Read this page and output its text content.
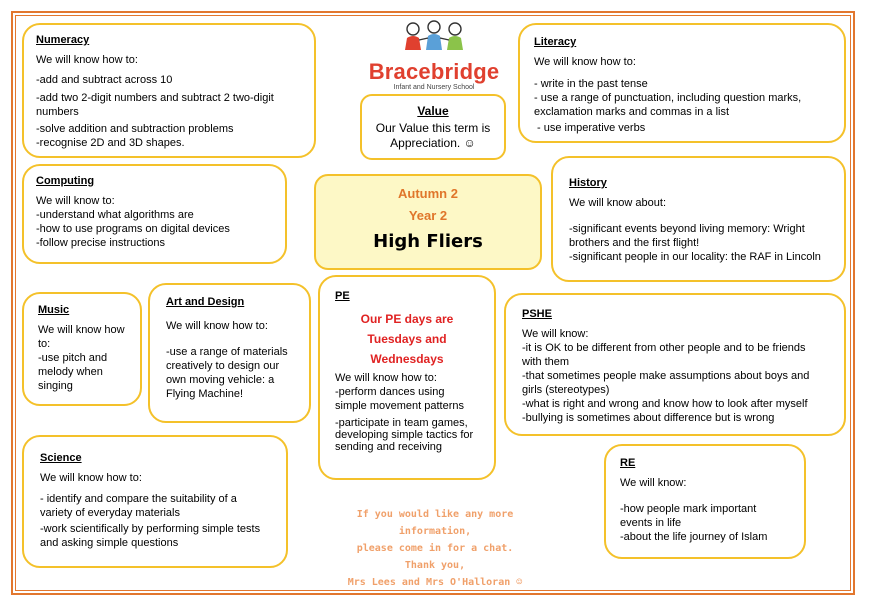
Bracebridge
Infant and Nursery School
Value

Our Value this term is Appreciation. ☺

Autumn 2
Year 2
High Fliers
Numeracy

We will know how to:

-add and subtract across 10

-add two 2-digit numbers and subtract 2 two-digit numbers

-solve addition and subtraction problems

-recognise 2D and 3D shapes.

Computing

We will know to:

-understand what algorithms are

-how to use programs on digital devices

-follow precise instructions

Music

We will know how to:

-use pitch and melody when singing

Art and Design

We will know how to:

-use a range of materials creatively to design our own moving vehicle: a Flying Machine!

Science

We will know how to:

- identify and compare the suitability of a variety of everyday materials

-work scientifically by performing simple tests and asking simple questions

PE
Our PE days are
Tuesdays and
Wednesdays

We will know how to:

-perform dances using simple movement patterns

-participate in team games, developing simple tactics for sending and receiving

Literacy

We will know how to:

- write in the past tense

- use a range of punctuation, including question marks, exclamation marks and commas in a list

- use imperative verbs

History

We will know about:

-significant events beyond living memory: Wright brothers and the first flight!

-significant people in our locality: the RAF in Lincoln

PSHE

We will know:

-it is OK to be different from other people and to be friends with them

-that sometimes people make assumptions about boys and girls (stereotypes)

-what is right and wrong and know how to look after myself

-bullying is sometimes about difference but is wrong

RE

We will know:

-how people mark important events in life

-about the life journey of Islam

If you would like any more information,
please come in for a chat.
Thank you,
Mrs Lees and Mrs O'Halloran ☺
